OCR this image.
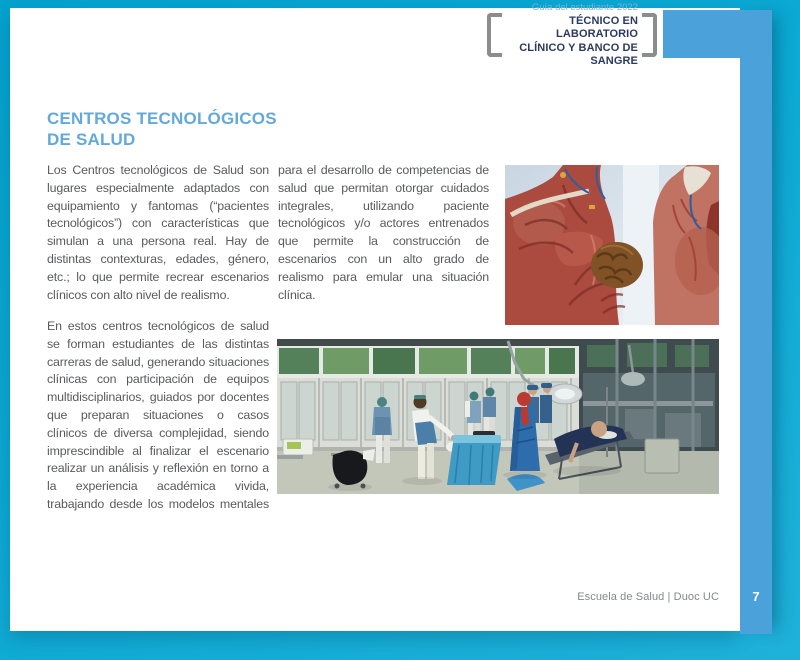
Guía del estudiante 2022
TÉCNICO EN LABORATORIO
CLÍNICO Y BANCO DE SANGRE
CENTROS TECNOLÓGICOS
DE SALUD

Los Centros tecnológicos de Salud son lugares especialmente adaptados con equipamiento y fantomas (“pacientes tecnológicos”) con características que simulan a una persona real. Hay de distintas contexturas, edades, género, etc.; lo que permite recrear escenarios clínicos con alto nivel de realismo.

En estos centros tecnológicos de salud se forman estudiantes de las distintas carreras de salud, generando situaciones clínicas con participación de equipos multidisciplinarios, guiados por docentes que preparan situaciones o casos clínicos de diversa complejidad, siendo imprescindible al finalizar el escenario realizar un análisis y reflexión en torno a la experiencia académica vivida, trabajando desde los modelos mentales

para el desarrollo de competencias de salud que permitan otorgar cuidados integrales, utilizando paciente tecnológicos y/o actores entrenados que permite la construcción de escenarios con un alto grado de realismo para emular una situación clínica.

Escuela de Salud | Duoc UC	7
